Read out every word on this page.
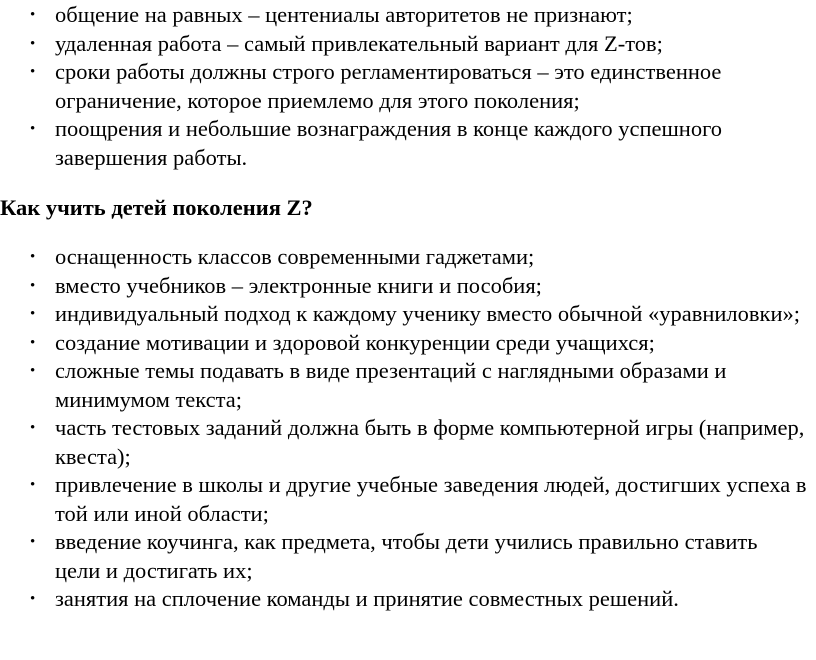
• общение на равных – центениалы авторитетов не признают;
• удаленная работа – самый привлекательный вариант для Z-тов;
• сроки работы должны строго регламентироваться – это единственное ограничение, которое приемлемо для этого поколения;
• поощрения и небольшие вознаграждения в конце каждого успешного завершения работы.
Как учить детей поколения Z?
• оснащенность классов современными гаджетами;
• вместо учебников – электронные книги и пособия;
• индивидуальный подход к каждому ученику вместо обычной «уравниловки»;
• создание мотивации и здоровой конкуренции среди учащихся;
• сложные темы подавать в виде презентаций с наглядными образами и минимумом текста;
• часть тестовых заданий должна быть в форме компьютерной игры (например, квеста);
• привлечение в школы и другие учебные заведения людей, достигших успеха в той или иной области;
• введение коучинга, как предмета, чтобы дети учились правильно ставить цели и достигать их;
• занятия на сплочение команды и принятие совместных решений.
